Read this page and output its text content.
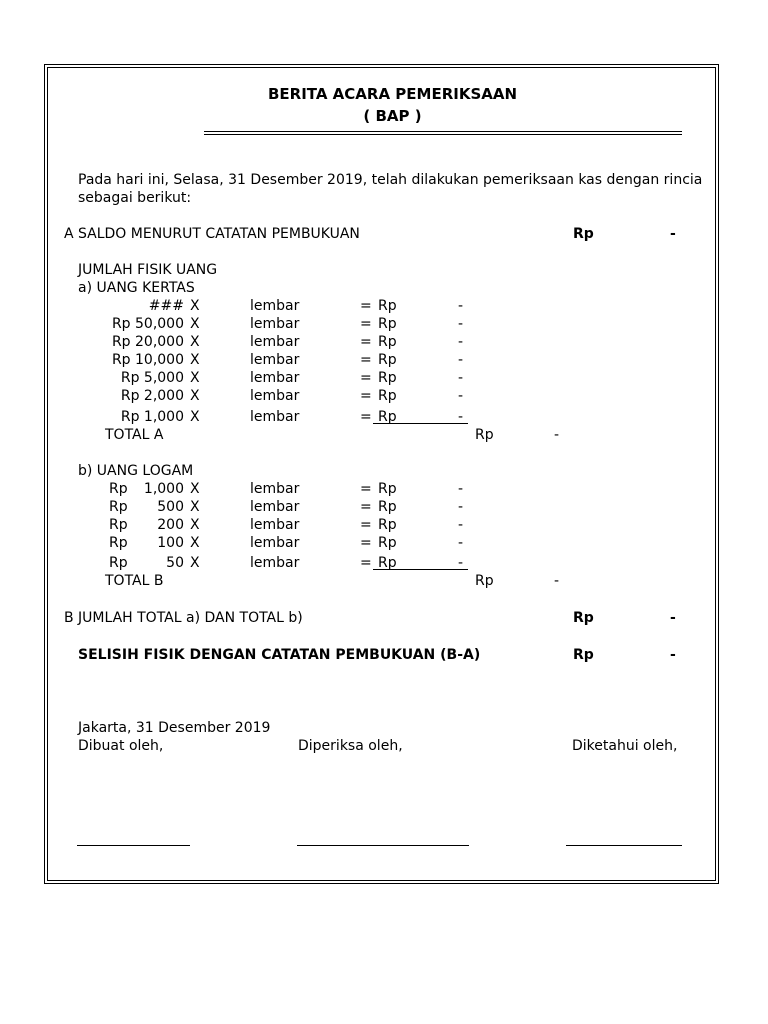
BERITA ACARA PEMERIKSAAN
( BAP )
Pada hari ini, Selasa, 31 Desember 2019, telah dilakukan pemeriksaan kas dengan rincia
sebagai berikut:
A SALDO MENURUT CATATAN PEMBUKUAN	Rp	-
JUMLAH FISIK UANG
a) UANG KERTAS
### X	lembar	= Rp	-
Rp 50,000 X	lembar	= Rp	-
Rp 20,000 X	lembar	= Rp	-
Rp 10,000 X	lembar	= Rp	-
Rp 5,000 X	lembar	= Rp	-
Rp 2,000 X	lembar	= Rp	-
Rp 1,000 X	lembar	= Rp	-
TOTAL A	Rp	-
b) UANG LOGAM
Rp	1,000 X	lembar	= Rp	-
Rp	500 X	lembar	= Rp	-
Rp	200 X	lembar	= Rp	-
Rp	100 X	lembar	= Rp	-
Rp	50 X	lembar	= Rp	-
TOTAL B	Rp	-
B JUMLAH TOTAL a) DAN TOTAL b)	Rp	-
SELISIH FISIK DENGAN CATATAN PEMBUKUAN (B-A)	Rp	-
Jakarta, 31 Desember 2019
Dibuat oleh,	Diperiksa oleh,	Diketahui oleh,
